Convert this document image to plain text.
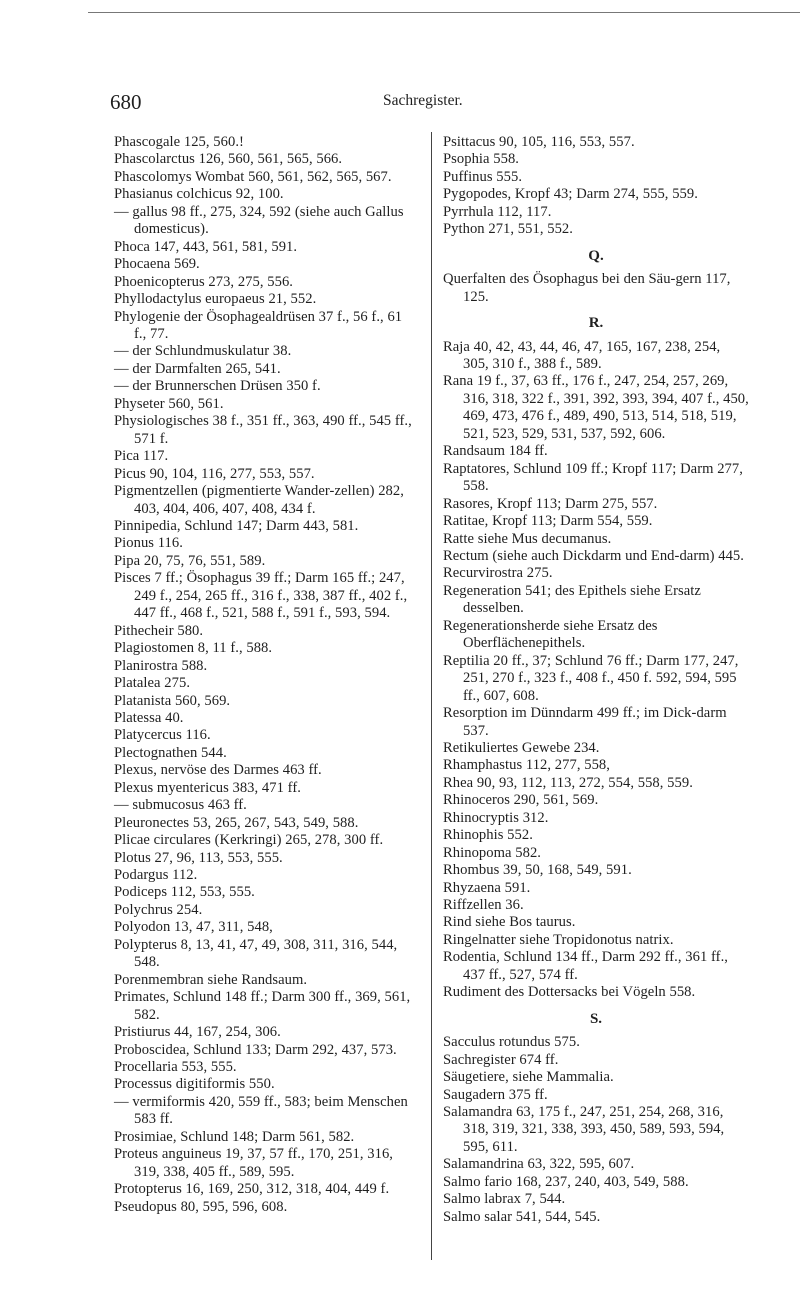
680	Sachregister.
Phascogale 125, 560.!
Phascolarctus 126, 560, 561, 565, 566.
Phascolomys Wombat 560, 561, 562, 565, 567.
Phasianus colchicus 92, 100.
— gallus 98 ff., 275, 324, 592 (siehe auch Gallus domesticus).
Phoca 147, 443, 561, 581, 591.
Phocaena 569.
Phoenicopterus 273, 275, 556.
Phyllodactylus europaeus 21, 552.
Phylogenie der Ösophagealdrüsen 37 f., 56 f., 61 f., 77.
— der Schlundmuskulatur 38.
— der Darmfalten 265, 541.
— der Brunnerschen Drüsen 350 f.
Physeter 560, 561.
Physiologisches 38 f., 351 ff., 363, 490 ff., 545 ff., 571 f.
Pica 117.
Picus 90, 104, 116, 277, 553, 557.
Pigmentzellen (pigmentierte Wander-zellen) 282, 403, 404, 406, 407, 408, 434 f.
Pinnipedia, Schlund 147; Darm 443, 581.
Pionus 116.
Pipa 20, 75, 76, 551, 589.
Pisces 7 ff.; Ösophagus 39 ff.; Darm 165 ff.; 247, 249 f., 254, 265 ff., 316 f., 338, 387 ff., 402 f., 447 ff., 468 f., 521, 588 f., 591 f., 593, 594.
Pithecheir 580.
Plagiostomen 8, 11 f., 588.
Planirostra 588.
Platalea 275.
Platanista 560, 569.
Platessa 40.
Platycercus 116.
Plectognathen 544.
Plexus, nervöse des Darmes 463 ff.
Plexus myentericus 383, 471 ff.
— submucosus 463 ff.
Pleuronectes 53, 265, 267, 543, 549, 588.
Plicae circulares (Kerkringi) 265, 278, 300 ff.
Plotus 27, 96, 113, 553, 555.
Podargus 112.
Podiceps 112, 553, 555.
Polychrus 254.
Polyodon 13, 47, 311, 548,
Polypterus 8, 13, 41, 47, 49, 308, 311, 316, 544, 548.
Porenmembran siehe Randsaum.
Primates, Schlund 148 ff.; Darm 300 ff., 369, 561, 582.
Pristiurus 44, 167, 254, 306.
Proboscidea, Schlund 133; Darm 292, 437, 573.
Procellaria 553, 555.
Processus digitiformis 550.
— vermiformis 420, 559 ff., 583; beim Menschen 583 ff.
Prosimiae, Schlund 148; Darm 561, 582.
Proteus anguineus 19, 37, 57 ff., 170, 251, 316, 319, 338, 405 ff., 589, 595.
Protopterus 16, 169, 250, 312, 318, 404, 449 f.
Pseudopus 80, 595, 596, 608.
Psittacus 90, 105, 116, 553, 557.
Psophia 558.
Puffinus 555.
Pygopodes, Kropf 43; Darm 274, 555, 559.
Pyrrhula 112, 117.
Python 271, 551, 552.
Q.
Querfalten des Ösophagus bei den Säu-gern 117, 125.
R.
Raja 40, 42, 43, 44, 46, 47, 165, 167, 238, 254, 305, 310 f., 388 f., 589.
Rana 19 f., 37, 63 ff., 176 f., 247, 254, 257, 269, 316, 318, 322 f., 391, 392, 393, 394, 407 f., 450, 469, 473, 476 f., 489, 490, 513, 514, 518, 519, 521, 523, 529, 531, 537, 592, 606.
Randsaum 184 ff.
Raptatores, Schlund 109 ff.; Kropf 117; Darm 277, 558.
Rasores, Kropf 113; Darm 275, 557.
Ratitae, Kropf 113; Darm 554, 559.
Ratte siehe Mus decumanus.
Rectum (siehe auch Dickdarm und End-darm) 445.
Recurvirostra 275.
Regeneration 541; des Epithels siehe Ersatz desselben.
Regenerationsherde siehe Ersatz des Oberflächenepithels.
Reptilia 20 ff., 37; Schlund 76 ff.; Darm 177, 247, 251, 270 f., 323 f., 408 f., 450 f. 592, 594, 595 ff., 607, 608.
Resorption im Dünndarm 499 ff.; im Dick-darm 537.
Retikuliertes Gewebe 234.
Rhamphastus 112, 277, 558,
Rhea 90, 93, 112, 113, 272, 554, 558, 559.
Rhinoceros 290, 561, 569.
Rhinocryptis 312.
Rhinophis 552.
Rhinopoma 582.
Rhombus 39, 50, 168, 549, 591.
Rhyzaena 591.
Riffzellen 36.
Rind siehe Bos taurus.
Ringelnatter siehe Tropidonotus natrix.
Rodentia, Schlund 134 ff., Darm 292 ff., 361 ff., 437 ff., 527, 574 ff.
Rudiment des Dottersacks bei Vögeln 558.
S.
Sacculus rotundus 575.
Sachregister 674 ff.
Säugetiere, siehe Mammalia.
Saugadern 375 ff.
Salamandra 63, 175 f., 247, 251, 254, 268, 316, 318, 319, 321, 338, 393, 450, 589, 593, 594, 595, 611.
Salamandrina 63, 322, 595, 607.
Salmo fario 168, 237, 240, 403, 549, 588.
Salmo labrax 7, 544.
Salmo salar 541, 544, 545.
